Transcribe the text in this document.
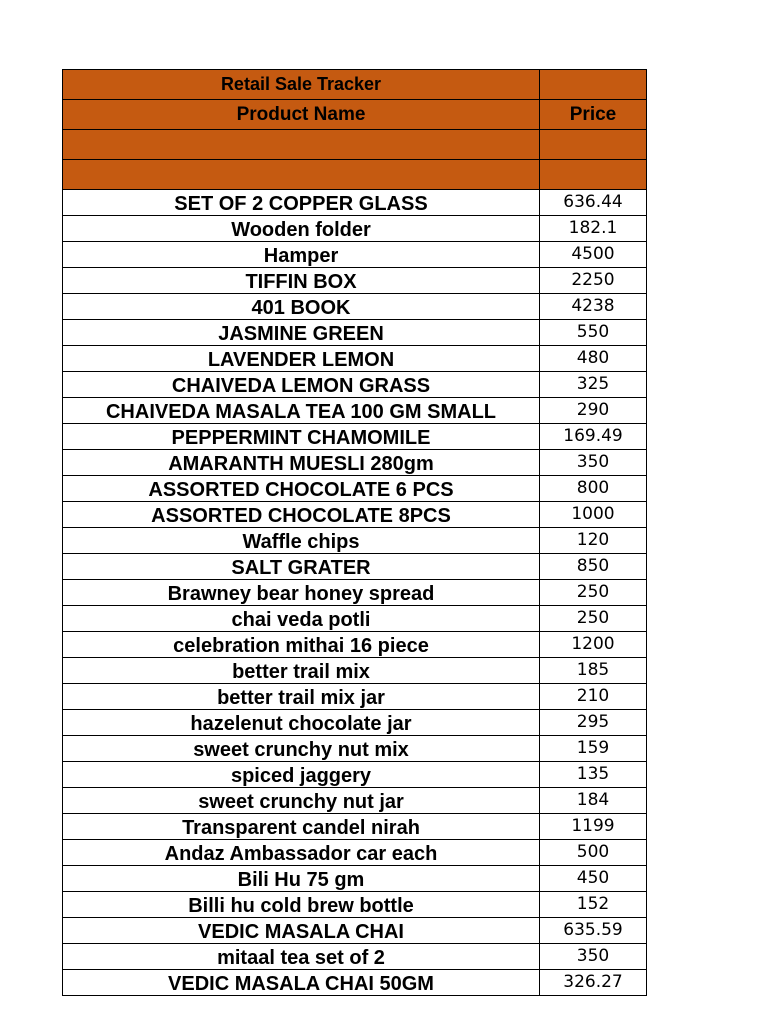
Retail Sale Tracker	
Product Name	Price

SET OF 2 COPPER GLASS	636.44
Wooden folder	182.1
Hamper	4500
TIFFIN BOX	2250
401 BOOK	4238
JASMINE GREEN	550
LAVENDER LEMON	480
CHAIVEDA LEMON GRASS	325
CHAIVEDA MASALA TEA 100 GM SMALL	290
PEPPERMINT CHAMOMILE	169.49
AMARANTH MUESLI 280gm	350
ASSORTED CHOCOLATE 6 PCS	800
ASSORTED CHOCOLATE 8PCS	1000
Waffle chips	120
SALT GRATER	850
Brawney bear honey spread	250
chai veda potli	250
celebration mithai 16 piece	1200
better trail mix	185
better trail mix jar	210
hazelenut chocolate jar	295
sweet crunchy nut mix	159
spiced jaggery	135
sweet crunchy nut jar	184
Transparent candel nirah	1199
Andaz Ambassador car each	500
Bili Hu 75 gm	450
Billi hu cold brew bottle	152
VEDIC MASALA CHAI	635.59
mitaal tea set of 2	350
VEDIC MASALA CHAI 50GM	326.27
